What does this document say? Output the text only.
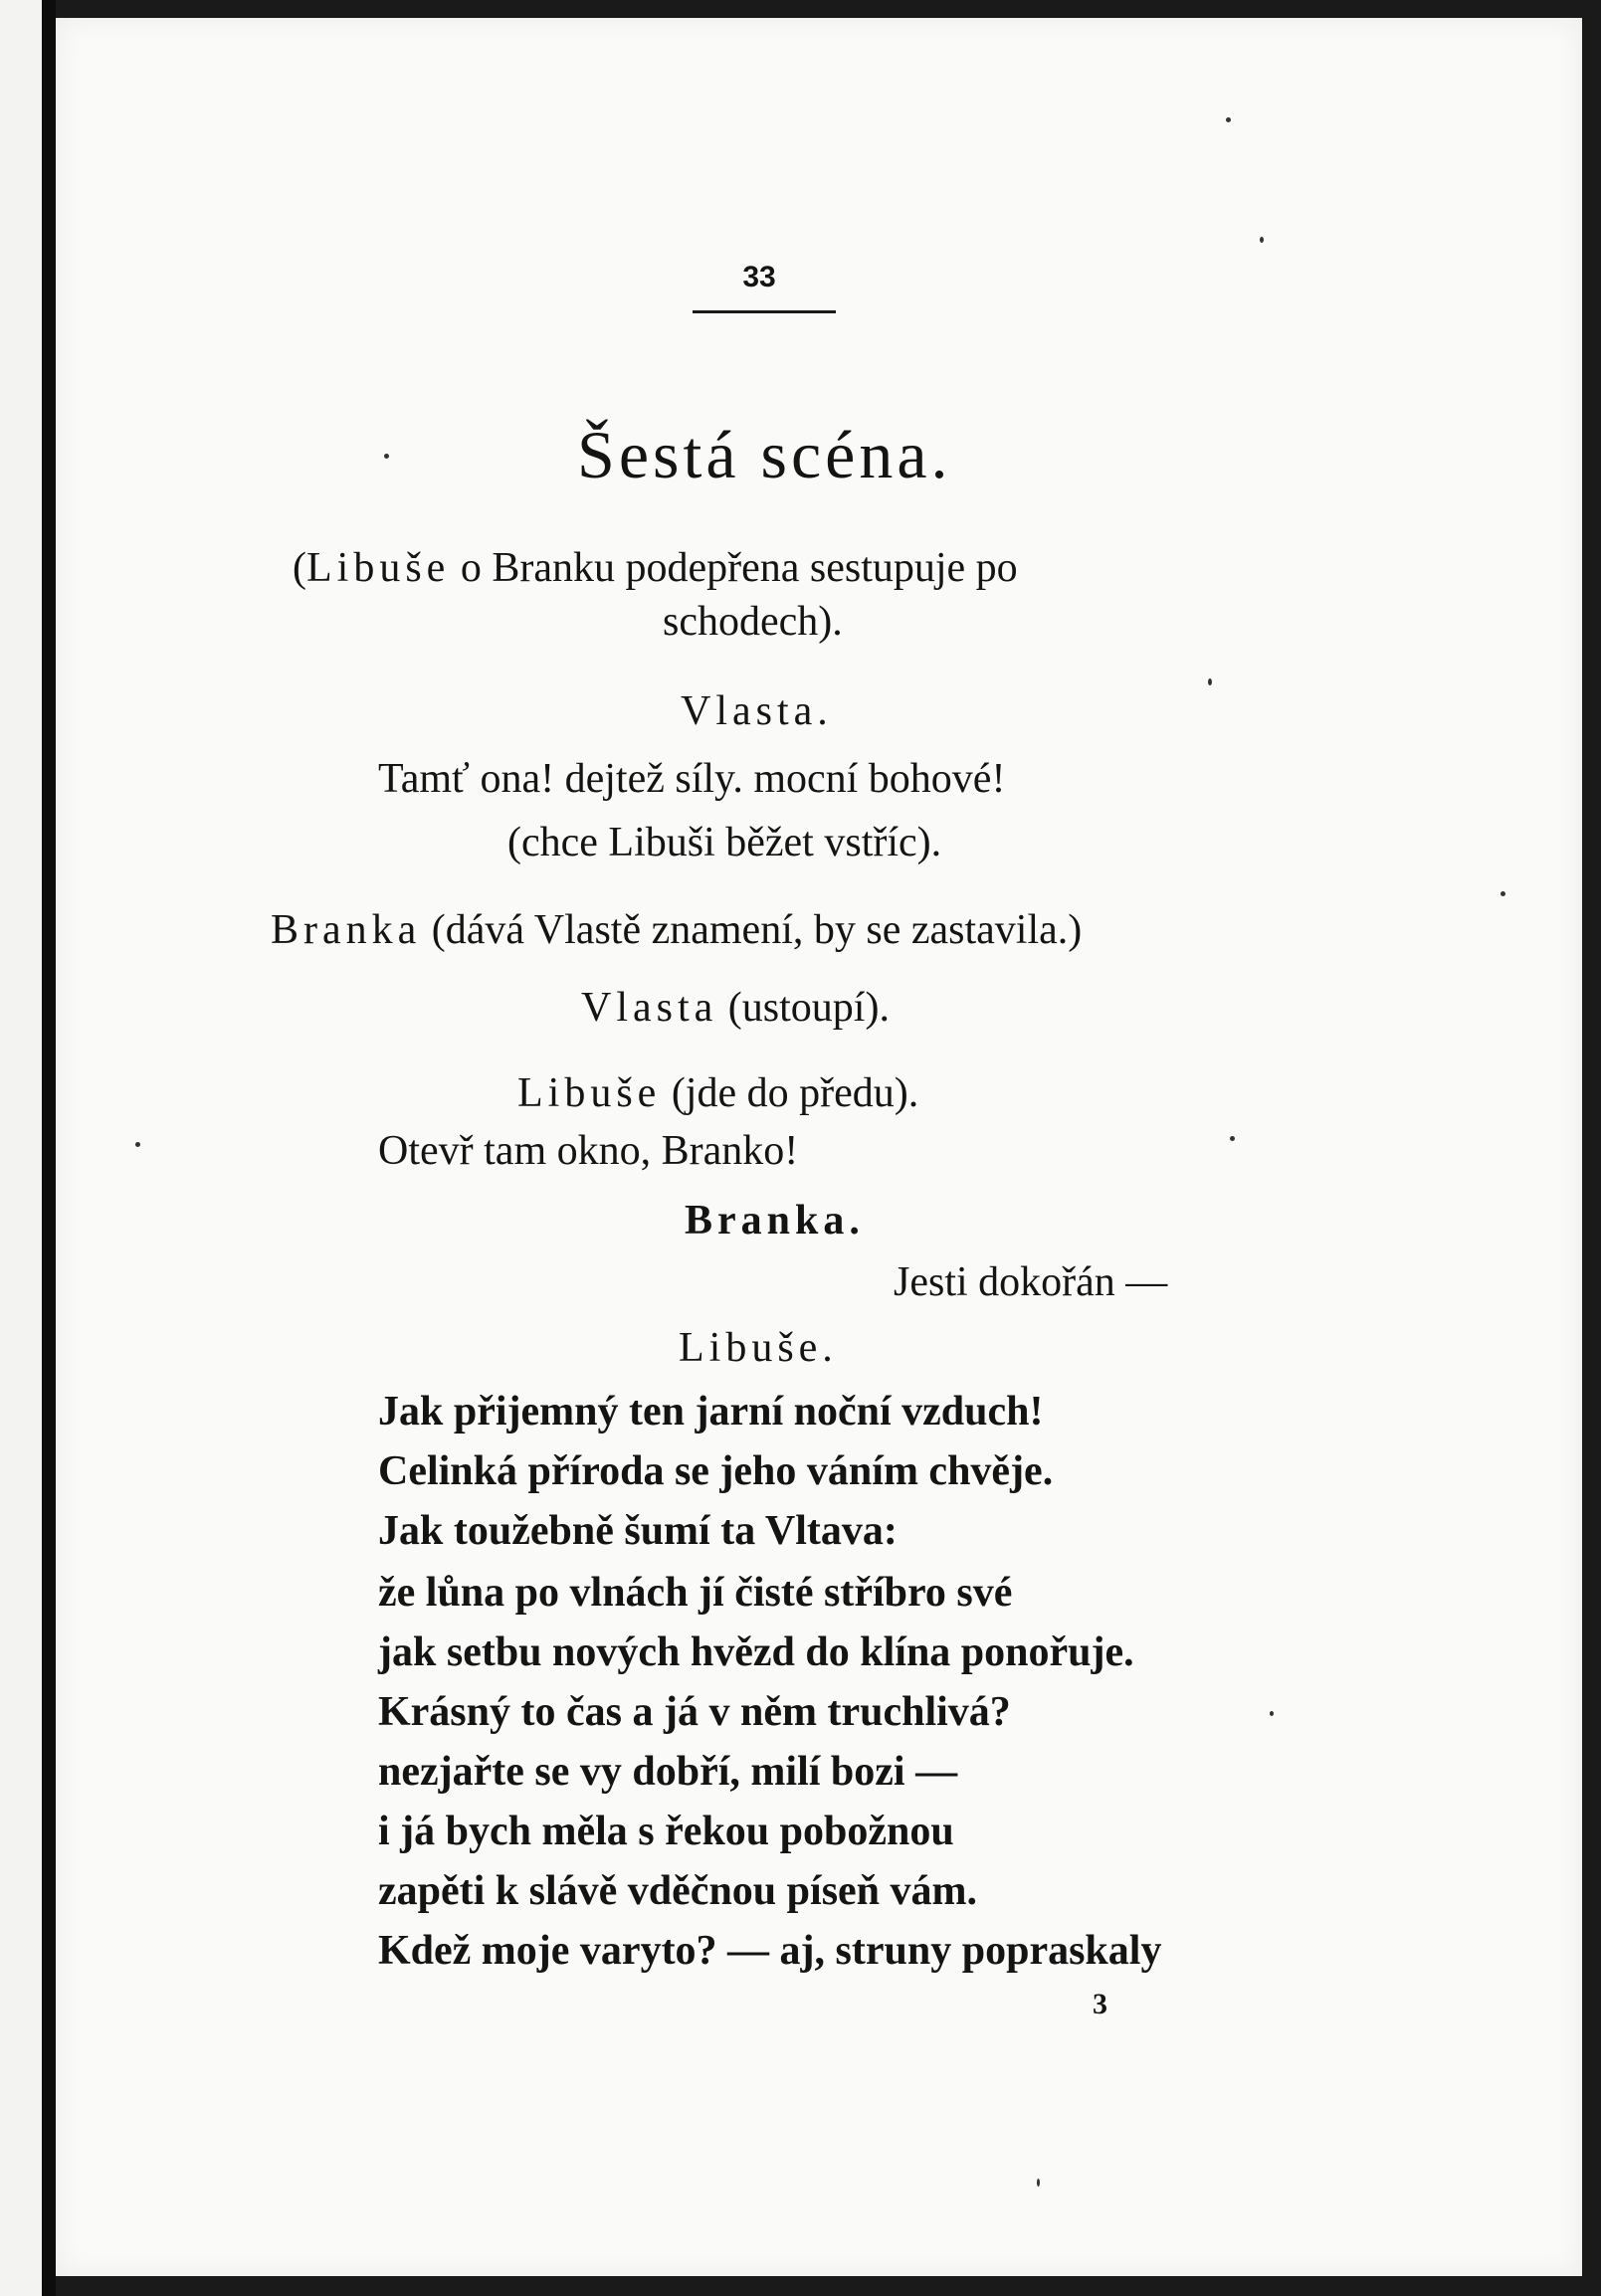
33
Šestá scéna.
(Libuše o Branku podepřena sestupuje po
schodech).
Vlasta.
Tamť ona! dejtež síly. mocní bohové!
(chce Libuši běžet vstříc).
Branka (dává Vlastě znamení, by se zastavila.)
Vlasta (ustoupí).
Libuše (jde do předu).
Otevř tam okno, Branko!
Branka.
Jesti dokořán —
Libuše.
Jak přijemný ten jarní noční vzduch!
Celinká příroda se jeho váním chvěje.
Jak toužebně šumí ta Vltava:
že lůna po vlnách jí čisté stříbro své
jak setbu nových hvězd do klína ponořuje.
Krásný to čas a já v něm truchlivá?
nezjařte se vy dobří, milí bozi —
i já bych měla s řekou pobožnou
zapěti k slávě vděčnou píseň vám.
Kdež moje varyto? — aj, struny popraskaly
3
